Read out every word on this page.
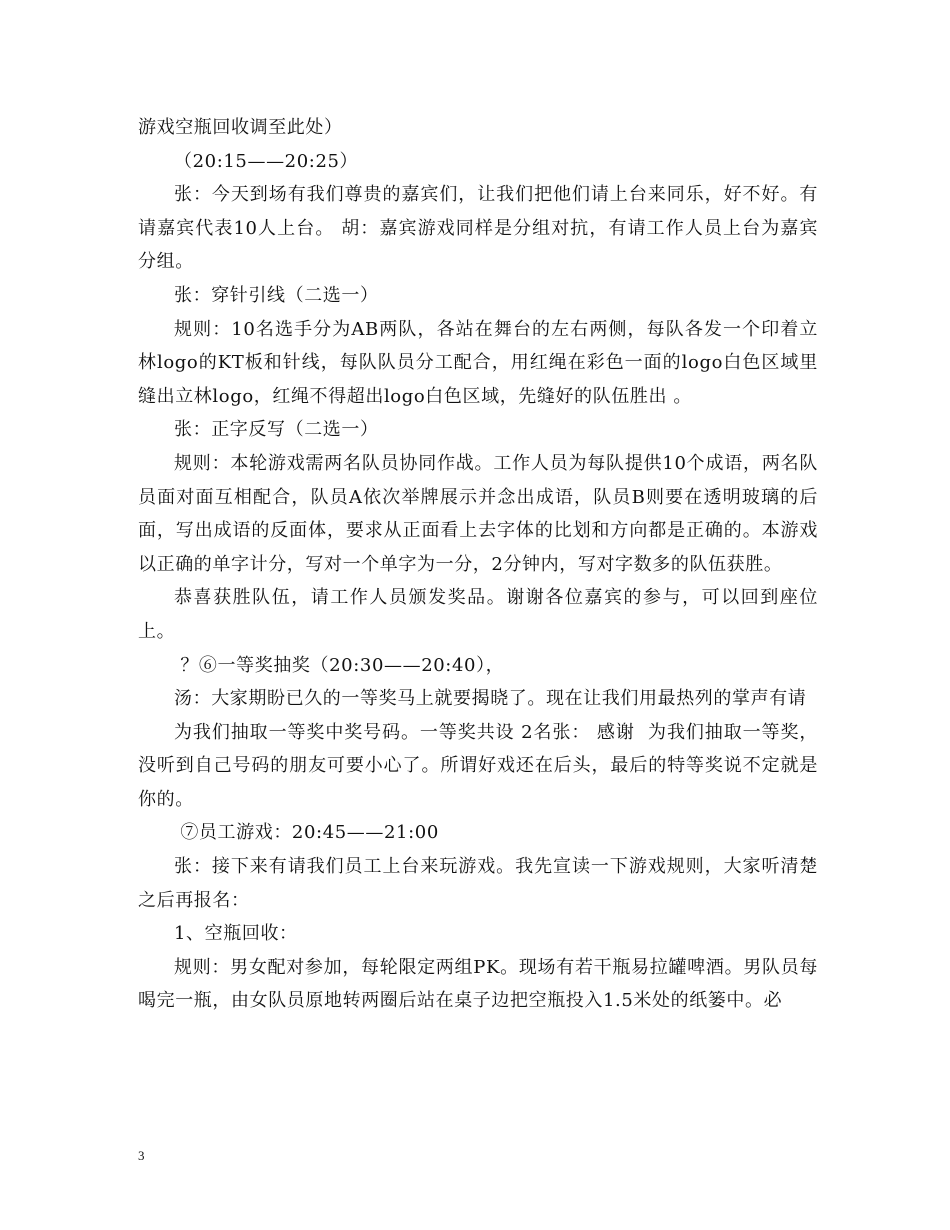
游戏空瓶回收调至此处）

（20:15——20:25）

张：今天到场有我们尊贵的嘉宾们，让我们把他们请上台来同乐，好不好。有请嘉宾代表10人上台。 胡：嘉宾游戏同样是分组对抗，有请工作人员上台为嘉宾分组。

张：穿针引线（二选一）

规则：10名选手分为AB两队，各站在舞台的左右两侧，每队各发一个印着立林logo的KT板和针线，每队队员分工配合，用红绳在彩色一面的logo白色区域里缝出立林logo，红绳不得超出logo白色区域，先缝好的队伍胜出 。

张：正字反写（二选一）

规则：本轮游戏需两名队员协同作战。工作人员为每队提供10个成语，两名队员面对面互相配合，队员A依次举牌展示并念出成语，队员B则要在透明玻璃的后面，写出成语的反面体，要求从正面看上去字体的比划和方向都是正确的。本游戏以正确的单字计分，写对一个单字为一分，2分钟内，写对字数多的队伍获胜。

恭喜获胜队伍，请工作人员颁发奖品。谢谢各位嘉宾的参与，可以回到座位上。

？⑥一等奖抽奖（20:30——20:40），

汤：大家期盼已久的一等奖马上就要揭晓了。现在让我们用最热列的掌声有请

为我们抽取一等奖中奖号码。一等奖共设 2名张： 感谢  为我们抽取一等奖，没听到自己号码的朋友可要小心了。所谓好戏还在后头，最后的特等奖说不定就是你的。

⑦员工游戏：20:45——21:00

张：接下来有请我们员工上台来玩游戏。我先宣读一下游戏规则，大家听清楚之后再报名：

1、空瓶回收：

规则：男女配对参加，每轮限定两组PK。现场有若干瓶易拉罐啤酒。男队员每喝完一瓶，由女队员原地转两圈后站在桌子边把空瓶投入1.5米处的纸篓中。必

3
